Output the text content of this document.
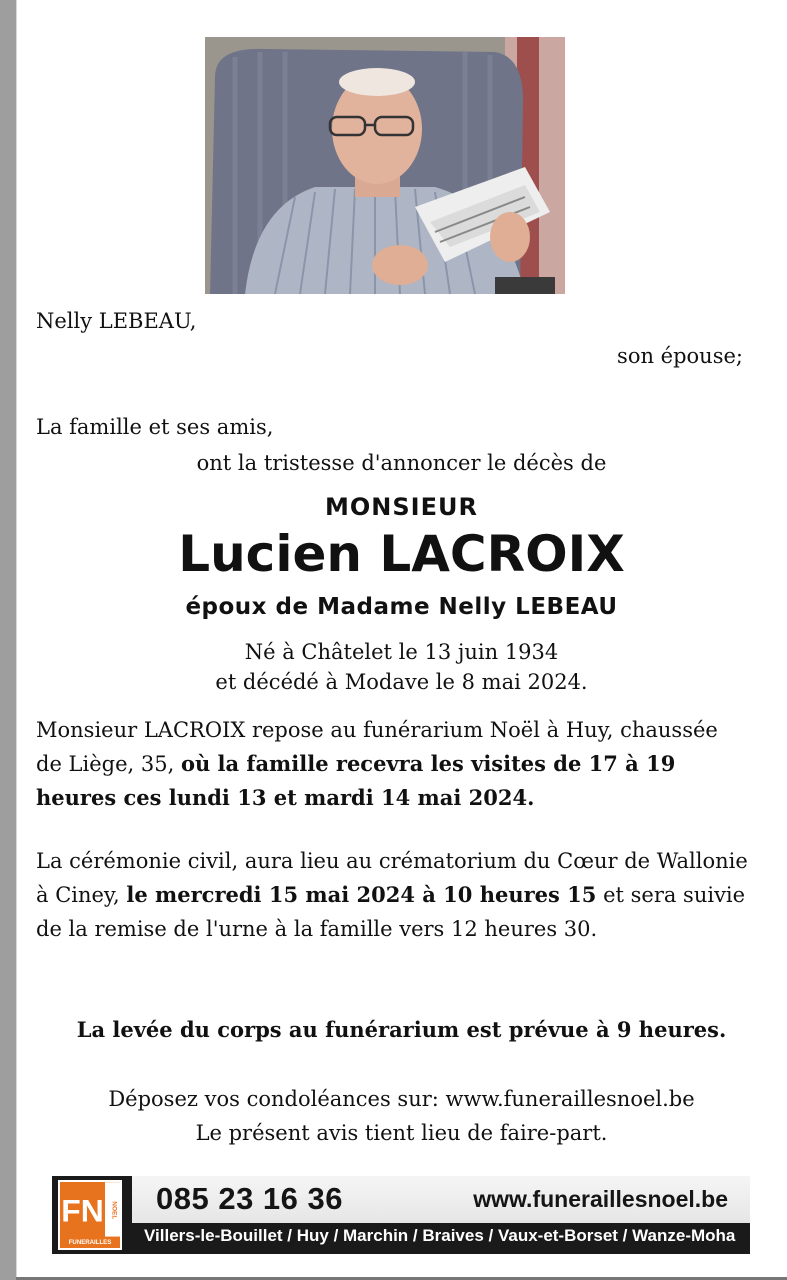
Nelly LEBEAU,
son épouse;
La famille et ses amis,
ont la tristesse d'annoncer le décès de
MONSIEUR
Lucien LACROIX
époux de Madame Nelly LEBEAU
Né à Châtelet le 13 juin 1934
et décédé à Modave le 8 mai 2024.
Monsieur LACROIX repose au funérarium Noël à Huy, chaussée de Liège, 35, où la famille recevra les visites de 17 à 19 heures ces lundi 13 et mardi 14 mai 2024.
La cérémonie civil, aura lieu au crématorium du Cœur de Wallonie à Ciney, le mercredi 15 mai 2024 à 10 heures 15 et sera suivie de la remise de l'urne à la famille vers 12 heures 30.
La levée du corps au funérarium est prévue à 9 heures.
Déposez vos condoléances sur: www.funeraillesnoel.be
Le présent avis tient lieu de faire-part.
NOEL
FN
FUNERAILLES
085 23 16 36	www.funeraillesnoel.be
Villers-le-Bouillet / Huy / Marchin / Braives / Vaux-et-Borset / Wanze-Moha
